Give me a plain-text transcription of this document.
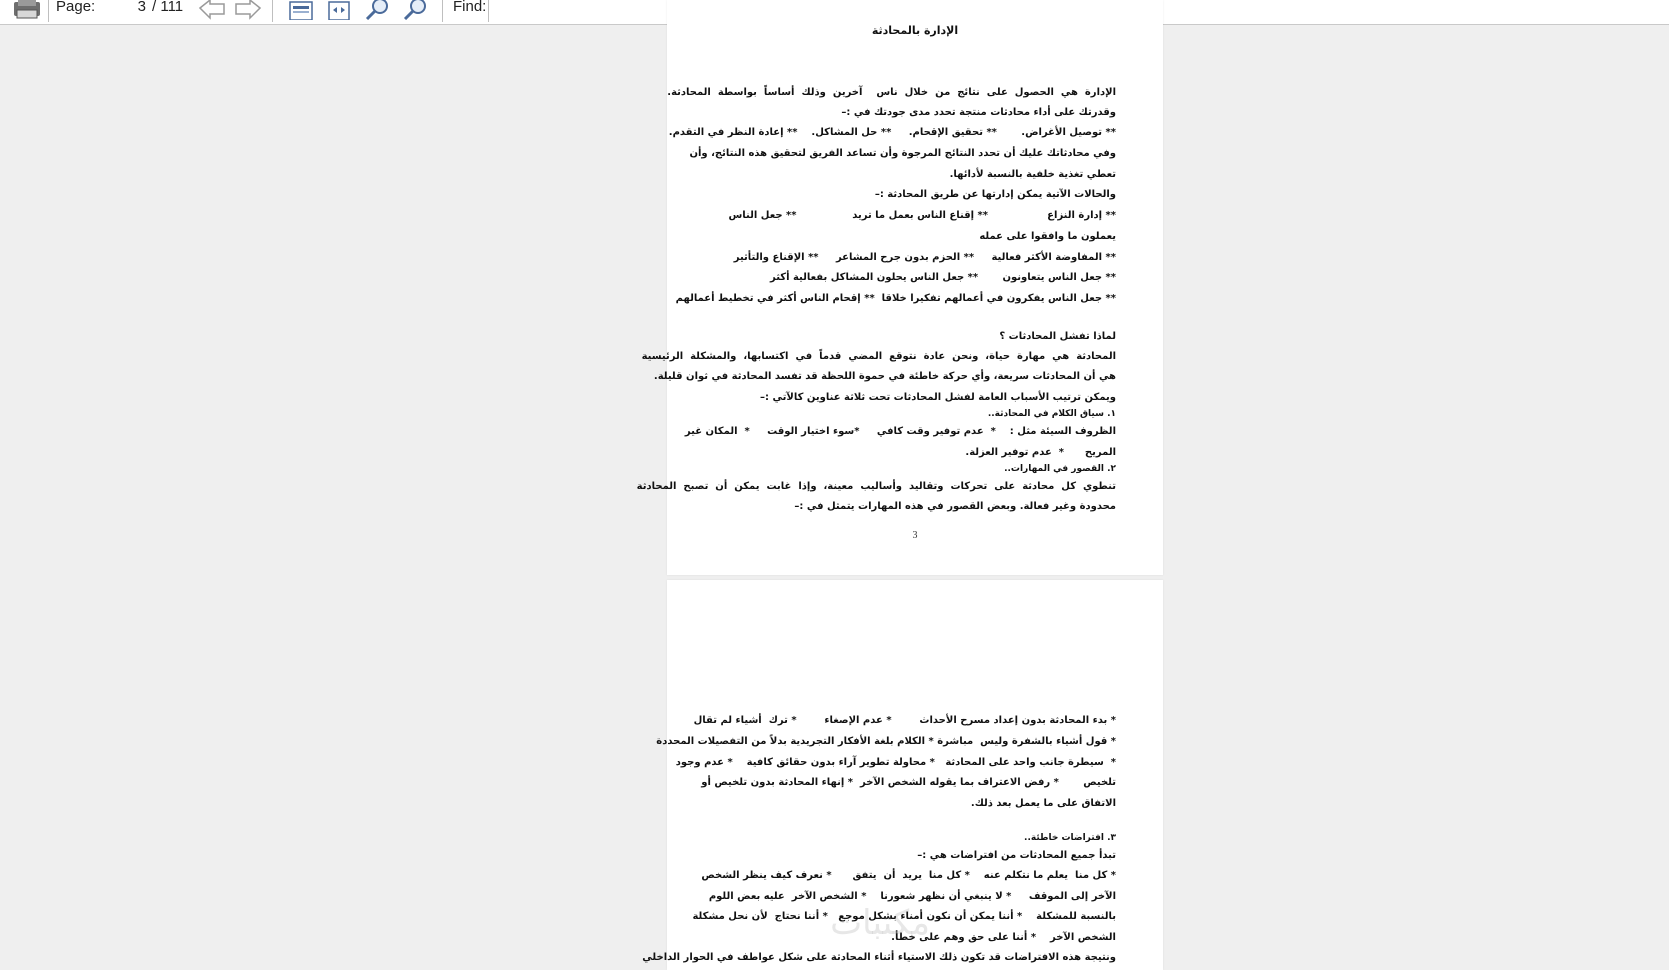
Page:
3	/ 111	Find:
الإدارة بالمحادثة
الإدارة  هي  الحصول  على  نتائج  من  خلال  ناس    آخرين  وذلك  أساساً  بواسطة  المحادثة.
وقدرتك على أداء محادثات منتجة تحدد مدى جودتك في :–
** توصيل الأغراض.       ** تحقيق الإقحام.     ** حل المشاكل.    ** إعادة النظر في التقدم.
وفي محادثاتك عليك أن تحدد النتائج المرجوة وأن تساعد الفريق لتحقيق هذه النتائج، وأن
تعطي تغذية خلفية بالنسبة لأدائها.
والحالات الآتية يمكن إدارتها عن طريق المحادثة :–
** إدارة النزاع                 ** إقناع الناس بعمل ما تريد                ** جعل الناس
يعملون ما وافقوا على عمله
** المفاوضة الأكثر فعالية     ** الحزم بدون جرح المشاعر     ** الإقناع والتأثير
** جعل الناس يتعاونون       ** جعل الناس يحلون المشاكل بفعالية أكثر
** جعل الناس يفكرون في أعمالهم تفكيرا خلاقا  ** إقحام الناس أكثر في تخطيط أعمالهم
لماذا تفشل المحادثات ؟
المحادثة  هي  مهارة  حياة،  ونحن  عادة  نتوقع  المضي  قدماً  في  اكتسابها،  والمشكلة  الرئيسية
هي أن المحادثات سريعة، وأي حركة خاطئة في حموة اللحظة قد تفسد المحادثة في ثوان قليلة.
ويمكن ترتيب الأسباب العامة لفشل المحادثات تحت ثلاثة عناوين كالآتي :–
١. سياق الكلام في المحادثة..
الظروف السيئة مثل :    *  عدم توفير وقت كافي     *سوء اختيار الوقت     *  المكان غير
المريح      *  عدم توفير العزلة.
٢. القصور في المهارات..
تنطوي  كل  محادثة  على  تحركات  وتقاليد  وأساليب  معينة،  وإذا  غابت  يمكن  أن  تصبح  المحادثة
محدودة وغير فعالة. وبعض القصور في هذه المهارات يتمثل في :–
3
* بدء المحادثة بدون إعداد مسرح الأحداث        * عدم الإصغاء        * ترك  أشياء لم تقال
* قول أشياء بالشفرة وليس  مباشرة * الكلام بلغة الأفكار التجريدية بدلاً من التفصيلات المحددة
*  سيطرة جانب واحد على المحادثة   * محاولة تطوير آراء بدون حقائق كافية    * عدم وجود
تلخيص       * رفض الاعتراف بما يقوله الشخص الآخر  * إنهاء المحادثة بدون تلخيص أو
الاتفاق على ما يعمل بعد ذلك.
٣. افتراضات خاطئة..
تبدأ جميع المحادثات من افتراضات هي :–
* كل منا  يعلم ما نتكلم عنه    * كل منا  يريد  أن  يتفق      * نعرف كيف ينظر الشخص
الآخر إلى الموقف     * لا ينبغي أن نظهر شعورنا    * الشخص الآخر  عليه بعض اللوم
بالنسبة للمشكلة    * أننا يمكن أن نكون أمناء بشكل موجع   * أننا نحتاج  لأن نحل مشكلة
الشخص الآخر    * أننا على حق وهم على خطأ.
ونتيجة هذه الافتراضات قد تكون ذلك الاستياء أثناء المحادثة على شكل عواطف في الحوار الداخلي
مكتبات
